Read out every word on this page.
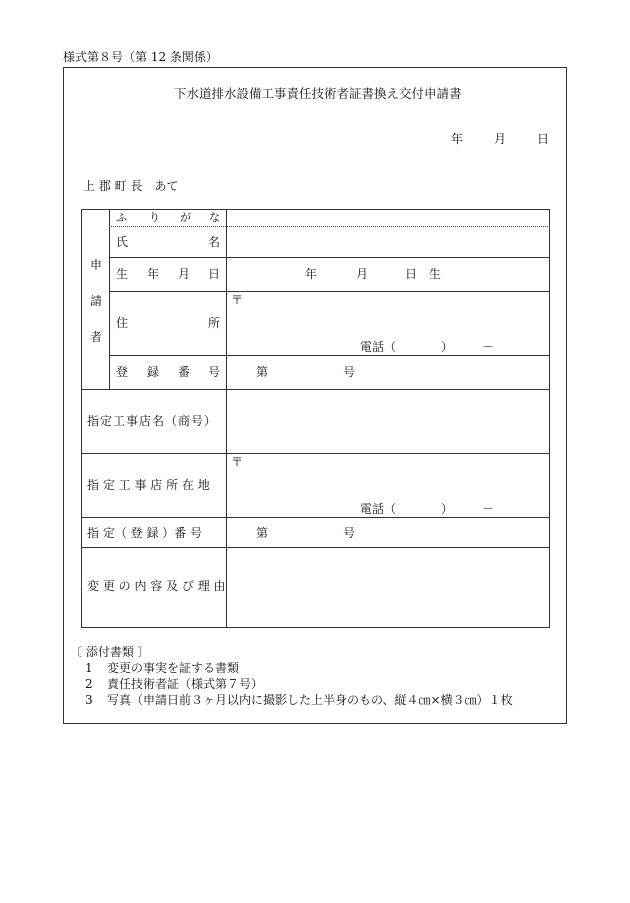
様式第８号（第 12 条関係）
下水道排水設備工事責任技術者証書換え交付申請書
年	月	日
上 郡 町 長　あて
申
請
者
ふ り が な
氏	名
生 年 月 日	年	月	日 生
住	所
〒
電話（	） －
登 録 番 号	第	号
指定工事店名（商号）
指 定 工 事 店 所 在 地
〒
電話（	） －
指 定（ 登 録 ）番 号	第	号
変 更 の 内 容 及 び 理 由
〔 添付書類 〕
1 変更の事実を証する書類
2 責任技術者証（様式第７号）
3 写真（申請日前３ヶ月以内に撮影した上半身のもの、縦４㎝×横３㎝）１枚
